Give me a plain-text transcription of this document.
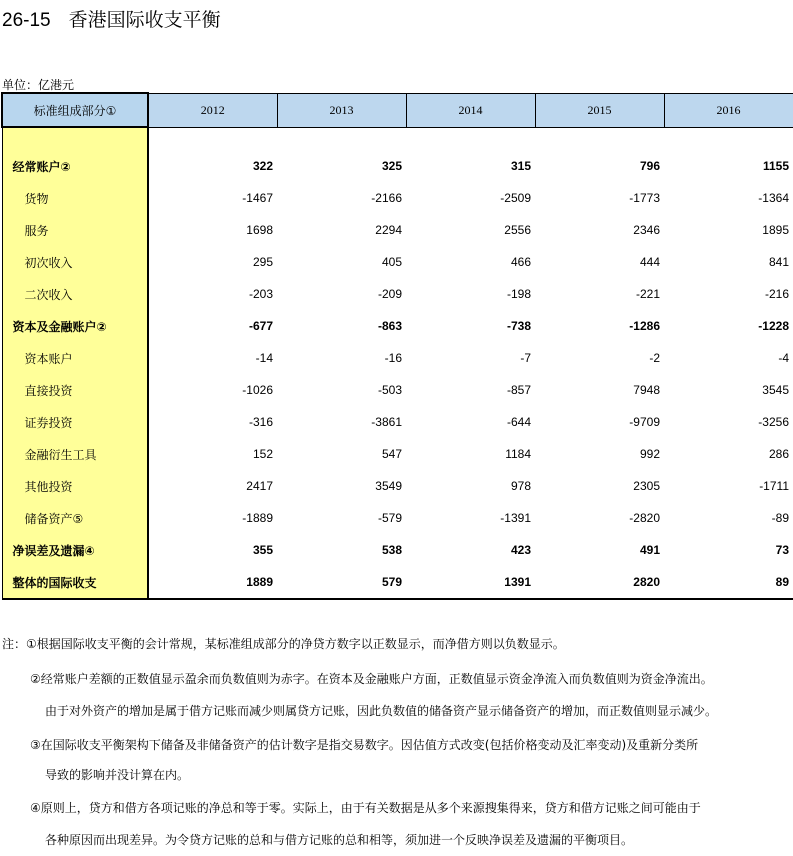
26-15 香港国际收支平衡
单位：亿港元
标准组成部分①	2012	2013	2014	2015	2016

经常账户②	322	325	315	796	1155
货物	-1467	-2166	-2509	-1773	-1364
服务	1698	2294	2556	2346	1895
初次收入	295	405	466	444	841
二次收入	-203	-209	-198	-221	-216
资本及金融账户②	-677	-863	-738	-1286	-1228
资本账户	-14	-16	-7	-2	-4
直接投资	-1026	-503	-857	7948	3545
证券投资	-316	-3861	-644	-9709	-3256
金融衍生工具	152	547	1184	992	286
其他投资	2417	3549	978	2305	-1711
储备资产⑤	-1889	-579	-1391	-2820	-89
净误差及遗漏④	355	538	423	491	73
整体的国际收支	1889	579	1391	2820	89
注：①根据国际收支平衡的会计常规，某标准组成部分的净贷方数字以正数显示，而净借方则以负数显示。
②经常账户差额的正数值显示盈余而负数值则为赤字。在资本及金融账户方面，正数值显示资金净流入而负数值则为资金净流出。
由于对外资产的增加是属于借方记账而减少则属贷方记账，因此负数值的储备资产显示储备资产的增加，而正数值则显示减少。
③在国际收支平衡架构下储备及非储备资产的估计数字是指交易数字。因估值方式改变(包括价格变动及汇率变动)及重新分类所
导致的影响并没计算在内。
④原则上，贷方和借方各项记账的净总和等于零。实际上，由于有关数据是从多个来源搜集得来，贷方和借方记账之间可能由于
各种原因而出现差异。为令贷方记账的总和与借方记账的总和相等，须加进一个反映净误差及遗漏的平衡项目。
